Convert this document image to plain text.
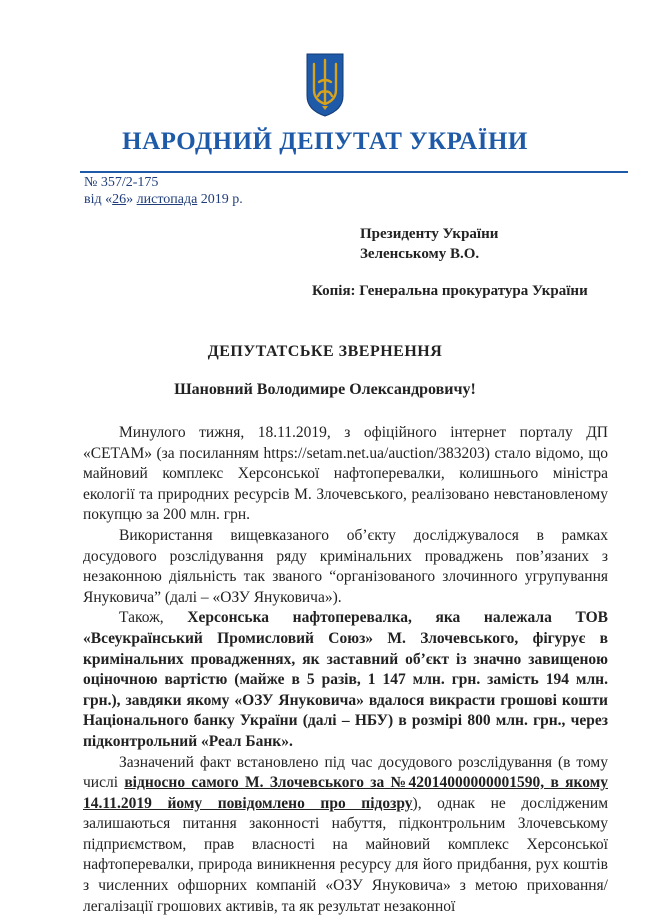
НАРОДНИЙ ДЕПУТАТ УКРАЇНИ
№ 357/2-175
від «26» листопада 2019 р.
Президенту України
Зеленському В.О.
Копія: Генеральна прокуратура України
ДЕПУТАТСЬКЕ ЗВЕРНЕННЯ
Шановний Володимире Олександровичу!

Минулого тижня, 18.11.2019, з офіційного інтернет порталу ДП «СЕТАМ» (за посиланням https://setam.net.ua/auction/383203) стало відомо, що майновий комплекс Херсонської нафтоперевалки, колишнього міністра екології та природних ресурсів М. Злочевського, реалізовано невстановленому покупцю за 200 млн. грн.

Використання вищевказаного об’єкту досліджувалося в рамках досудового розслідування ряду кримінальних проваджень пов’язаних з незаконною діяльність так званого “організованого злочинного угрупування Януковича” (далі – «ОЗУ Януковича»).

Також, Херсонська нафтоперевалка, яка належала ТОВ «Всеукраїнський Промисловий Союз» М. Злочевського, фігурує в кримінальних провадженнях, як заставний об’єкт із значно завищеною оціночною вартістю (майже в 5 разів, 1 147 млн. грн. замість 194 млн. грн.), завдяки якому «ОЗУ Януковича» вдалося викрасти грошові кошти Національного банку України (далі – НБУ) в розмірі 800 млн. грн., через підконтрольний «Реал Банк».

Зазначений факт встановлено під час досудового розслідування (в тому числі відносно самого М. Злочевського за №42014000000001590, в якому 14.11.2019 йому повідомлено про підозру), однак не дослідженим залишаються питання законності набуття, підконтрольним Злочевському підприємством, прав власності на майновий комплекс Херсонської нафтоперевалки, природа виникнення ресурсу для його придбання, рух коштів з численних офшорних компаній «ОЗУ Януковича» з метою приховання/легалізації грошових активів, та як результат незаконної
